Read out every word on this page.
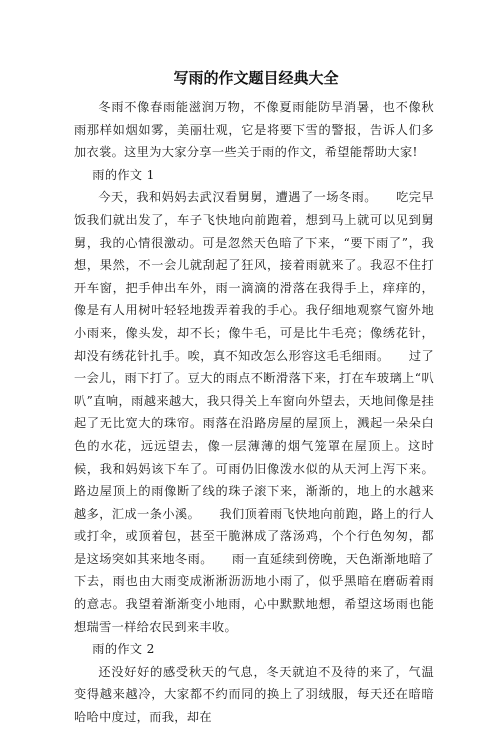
写雨的作文题目经典大全

冬雨不像春雨能滋润万物，不像夏雨能防旱消暑，也不像秋雨那样如烟如雾，美丽壮观，它是将要下雪的警报，告诉人们多加衣裳。这里为大家分享一些关于雨的作文，希望能帮助大家!

雨的作文 1

今天，我和妈妈去武汉看舅舅，遭遇了一场冬雨。　　吃完早饭我们就出发了，车子飞快地向前跑着，想到马上就可以见到舅舅，我的心情很激动。可是忽然天色暗了下来，“要下雨了”，我想，果然，不一会儿就刮起了狂风，接着雨就来了。我忍不住打开车窗，把手伸出车外，雨一滴滴的滑落在我得手上，痒痒的，像是有人用树叶轻轻地拨弄着我的手心。我仔细地观察气窗外地小雨来，像头发，却不长；像牛毛，可是比牛毛亮；像绣花针，却没有绣花针扎手。唉，真不知改怎么形容这毛毛细雨。　　过了一会儿，雨下打了。豆大的雨点不断滑落下来，打在车玻璃上“叭叭”直响，雨越来越大，我只得关上车窗向外望去，天地间像是挂起了无比宽大的珠帘。雨落在沿路房屋的屋顶上，溅起一朵朵白色的水花，远远望去，像一层薄薄的烟气笼罩在屋顶上。这时候，我和妈妈该下车了。可雨仍旧像泼水似的从天河上泻下来。路边屋顶上的雨像断了线的珠子滚下来，渐渐的，地上的水越来越多，汇成一条小溪。　　我们顶着雨飞快地向前跑，路上的行人或打伞，或顶着包，甚至干脆淋成了落汤鸡，个个行色匆匆，都是这场突如其来地冬雨。　　雨一直延续到傍晚，天色渐渐地暗了下去，雨也由大雨变成淅淅沥沥地小雨了，似乎黑暗在磨砺着雨的意志。我望着渐渐变小地雨，心中默默地想，希望这场雨也能想瑞雪一样给农民到来丰收。

雨的作文 2

还没好好的感受秋天的气息，冬天就迫不及待的来了，气温变得越来越冷，大家都不约而同的换上了羽绒服，每天还在暗暗哈哈中度过，而我，却在
